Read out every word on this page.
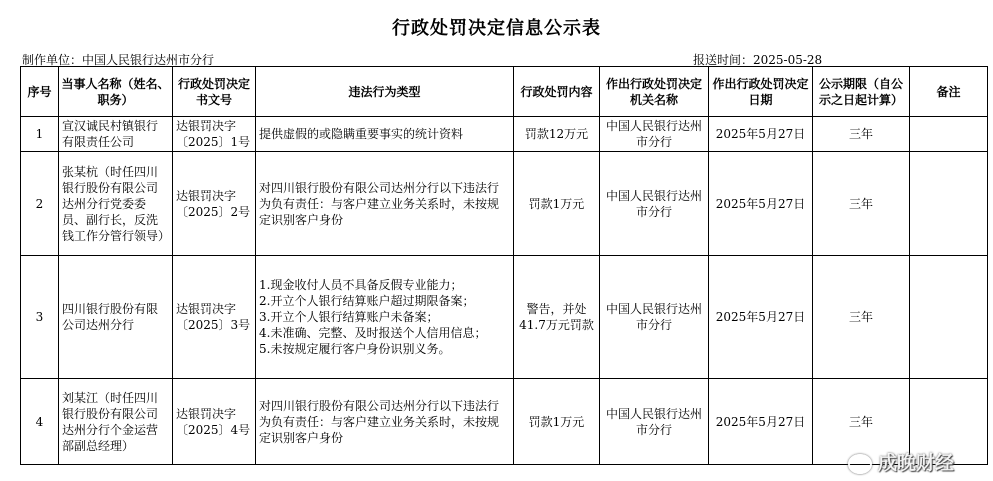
行政处罚决定信息公示表
制作单位：中国人民银行达州市分行	报送时间：2025-05-28
序号	当事人名称（姓名、职务）	行政处罚决定书文号	违法行为类型	行政处罚内容	作出行政处罚决定机关名称	作出行政处罚决定日期	公示期限（自公示之日起计算）	备注
1	宣汉诚民村镇银行有限责任公司	达银罚决字〔2025〕1号	提供虚假的或隐瞒重要事实的统计资料	罚款12万元	中国人民银行达州市分行	2025年5月27日	三年	
2	张某杭（时任四川银行股份有限公司达州分行党委委员、副行长，反洗钱工作分管行领导）	达银罚决字〔2025〕2号	对四川银行股份有限公司达州分行以下违法行为负有责任：与客户建立业务关系时，未按规定识别客户身份	罚款1万元	中国人民银行达州市分行	2025年5月27日	三年	
3	四川银行股份有限公司达州分行	达银罚决字〔2025〕3号	1.现金收付人员不具备反假专业能力；
2.开立个人银行结算账户超过期限备案；
3.开立个人银行结算账户未备案；
4.未准确、完整、及时报送个人信用信息；
5.未按规定履行客户身份识别义务。	警告，并处41.7万元罚款	中国人民银行达州市分行	2025年5月27日	三年	
4	刘某江（时任四川银行股份有限公司达州分行个金运营部副总经理）	达银罚决字〔2025〕4号	对四川银行股份有限公司达州分行以下违法行为负有责任：与客户建立业务关系时，未按规定识别客户身份	罚款1万元	中国人民银行达州市分行	2025年5月27日	三年	
成晚财经
